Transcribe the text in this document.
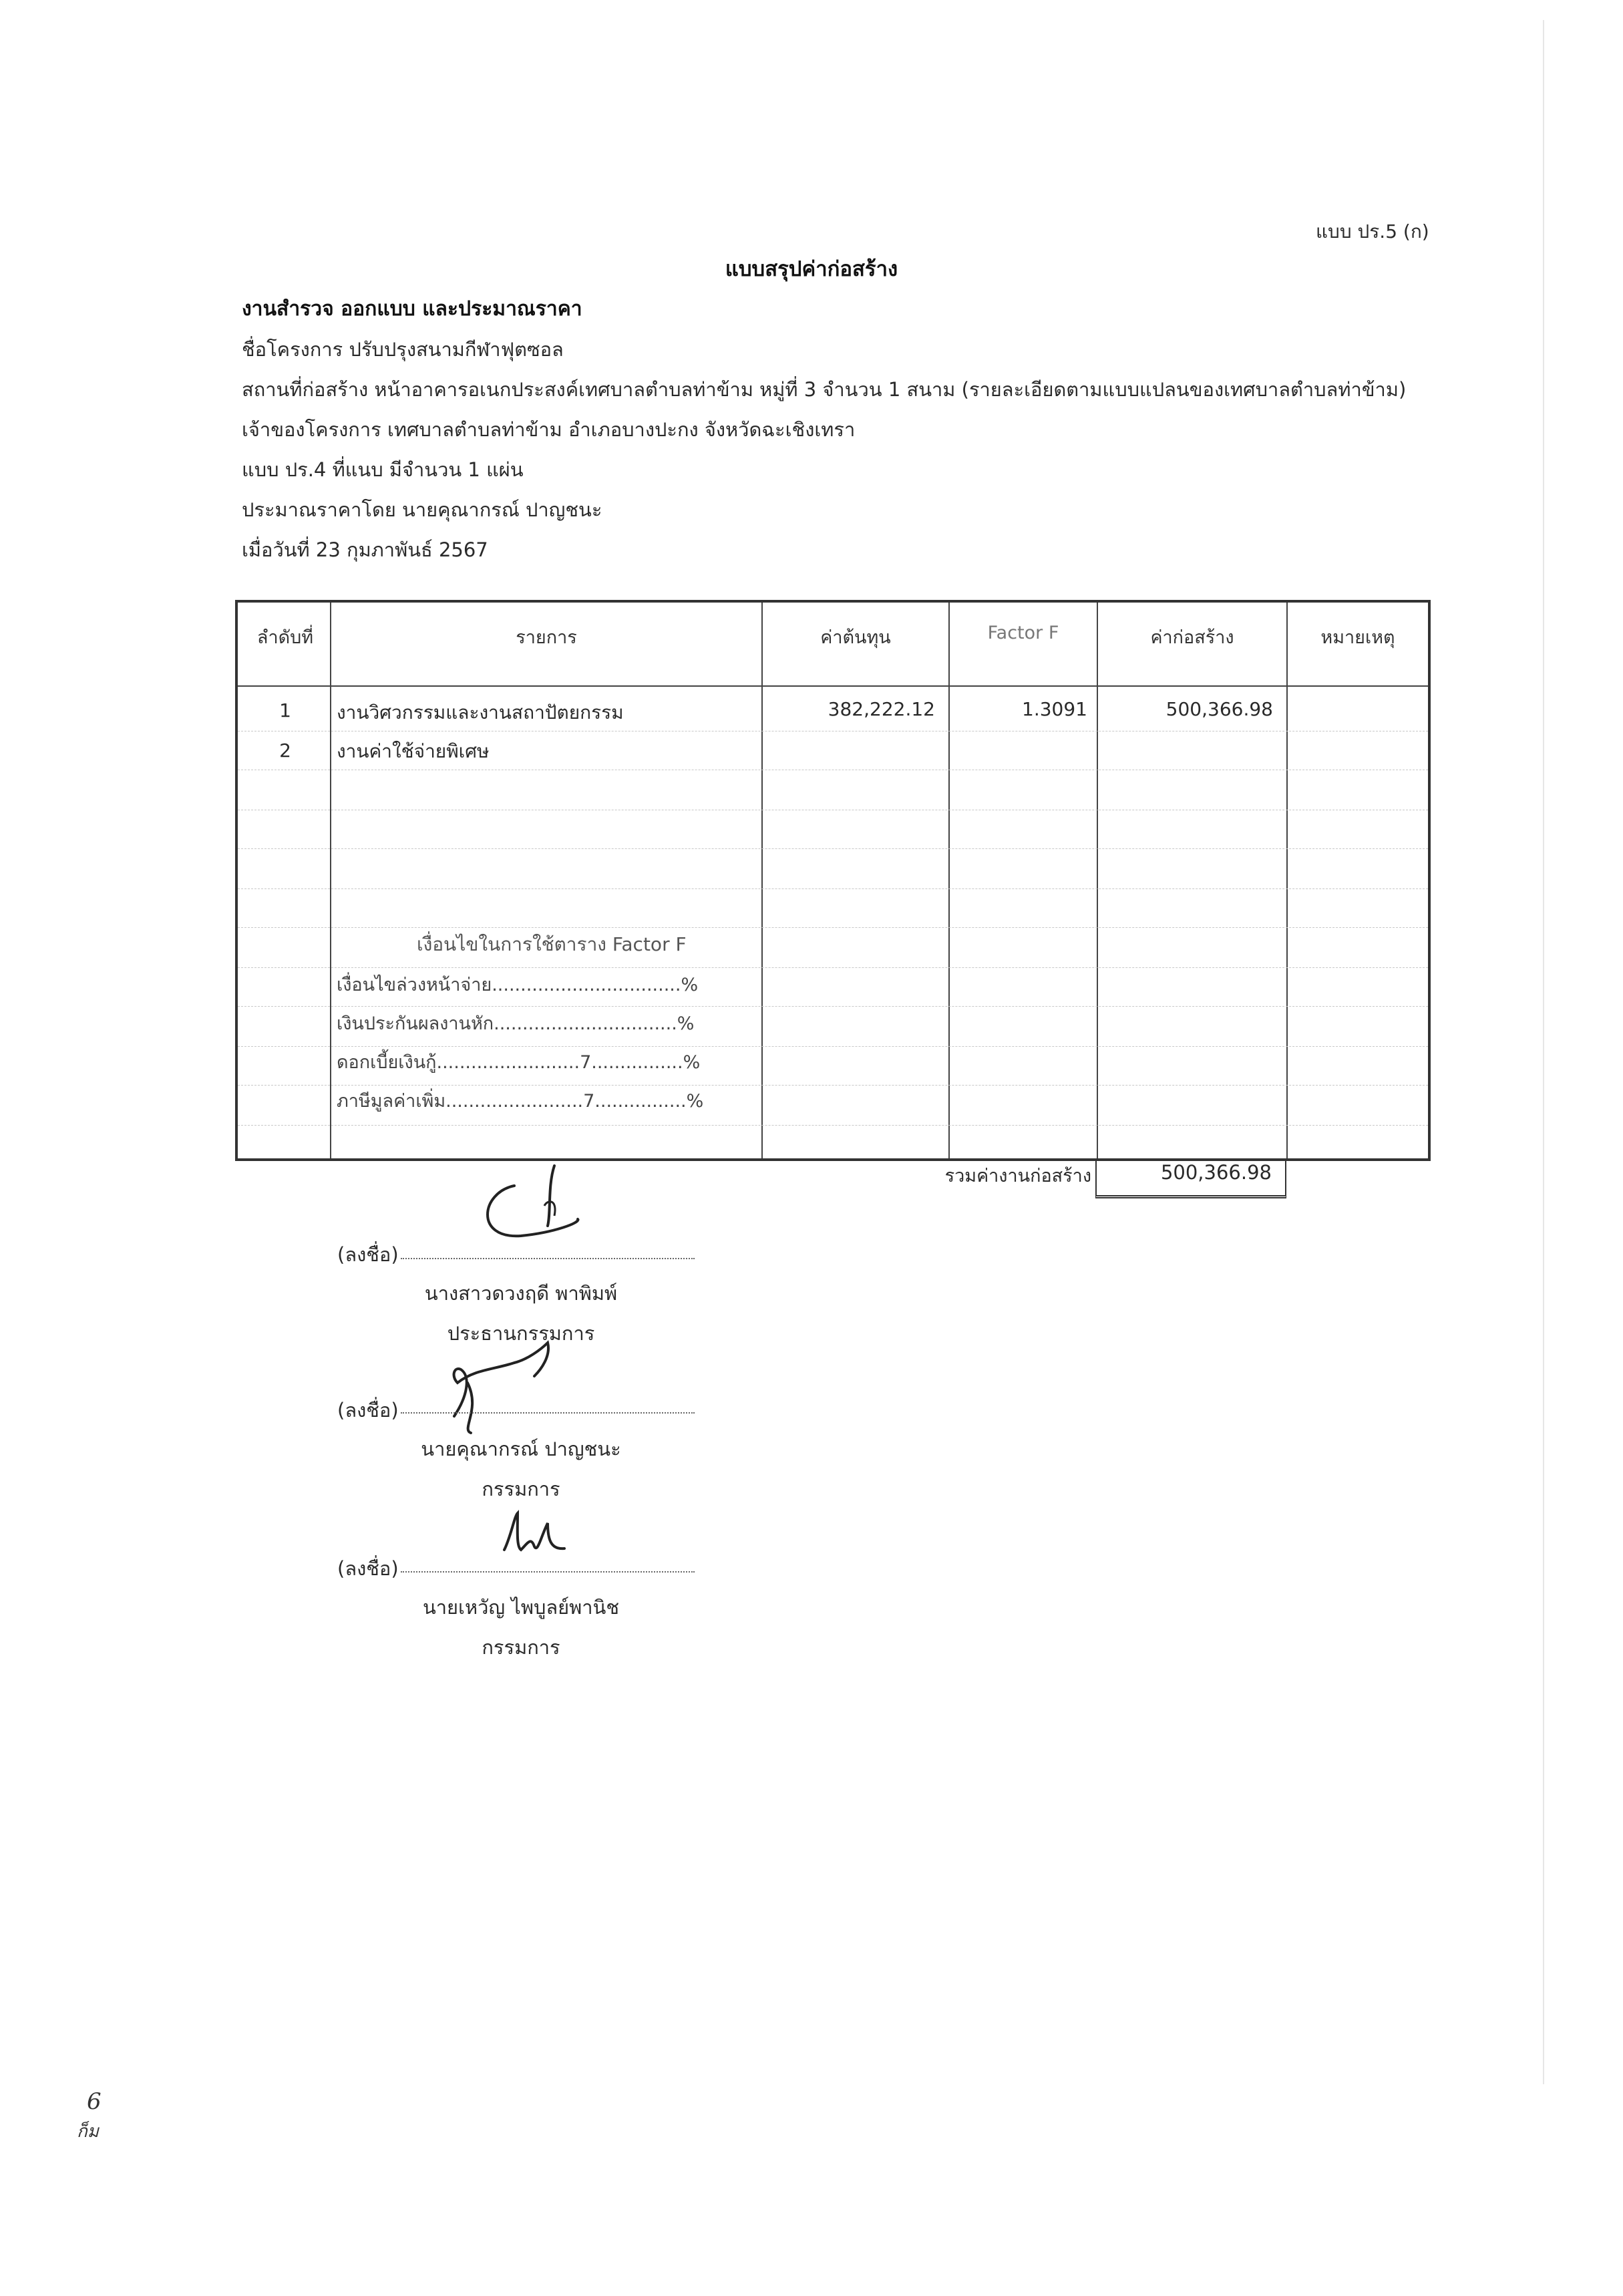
แบบ ปร.5 (ก)
แบบสรุปค่าก่อสร้าง
งานสำรวจ ออกแบบ และประมาณราคา
ชื่อโครงการ ปรับปรุงสนามกีฬาฟุตซอล
สถานที่ก่อสร้าง หน้าอาคารอเนกประสงค์เทศบาลตำบลท่าข้าม หมู่ที่ 3 จำนวน 1 สนาม (รายละเอียดตามแบบแปลนของเทศบาลตำบลท่าข้าม)
เจ้าของโครงการ เทศบาลตำบลท่าข้าม อำเภอบางปะกง จังหวัดฉะเชิงเทรา
แบบ ปร.4 ที่แนบ มีจำนวน 1 แผ่น
ประมาณราคาโดย นายคุณากรณ์ ปาญชนะ
เมื่อวันที่ 23 กุมภาพันธ์ 2567
ลำดับที่	รายการ	ค่าต้นทุน	Factor F	ค่าก่อสร้าง	หมายเหตุ
1	งานวิศวกรรมและงานสถาปัตยกรรม	382,222.12	1.3091	500,366.98
2	งานค่าใช้จ่ายพิเศษ
เงื่อนไขในการใช้ตาราง Factor F
เงื่อนไขล่วงหน้าจ่าย.................................%
เงินประกันผลงานหัก................................%
ดอกเบี้ยเงินกู้.........................7................%
ภาษีมูลค่าเพิ่ม........................7................%
รวมค่างานก่อสร้าง	500,366.98
(ลงชื่อ)
นางสาวดวงฤดี พาพิมพ์
ประธานกรรมการ
(ลงชื่อ)
นายคุณากรณ์ ปาญชนะ
กรรมการ
(ลงชื่อ)
นายเหวัญ ไพบูลย์พานิช
กรรมการ
6
ก็ม
